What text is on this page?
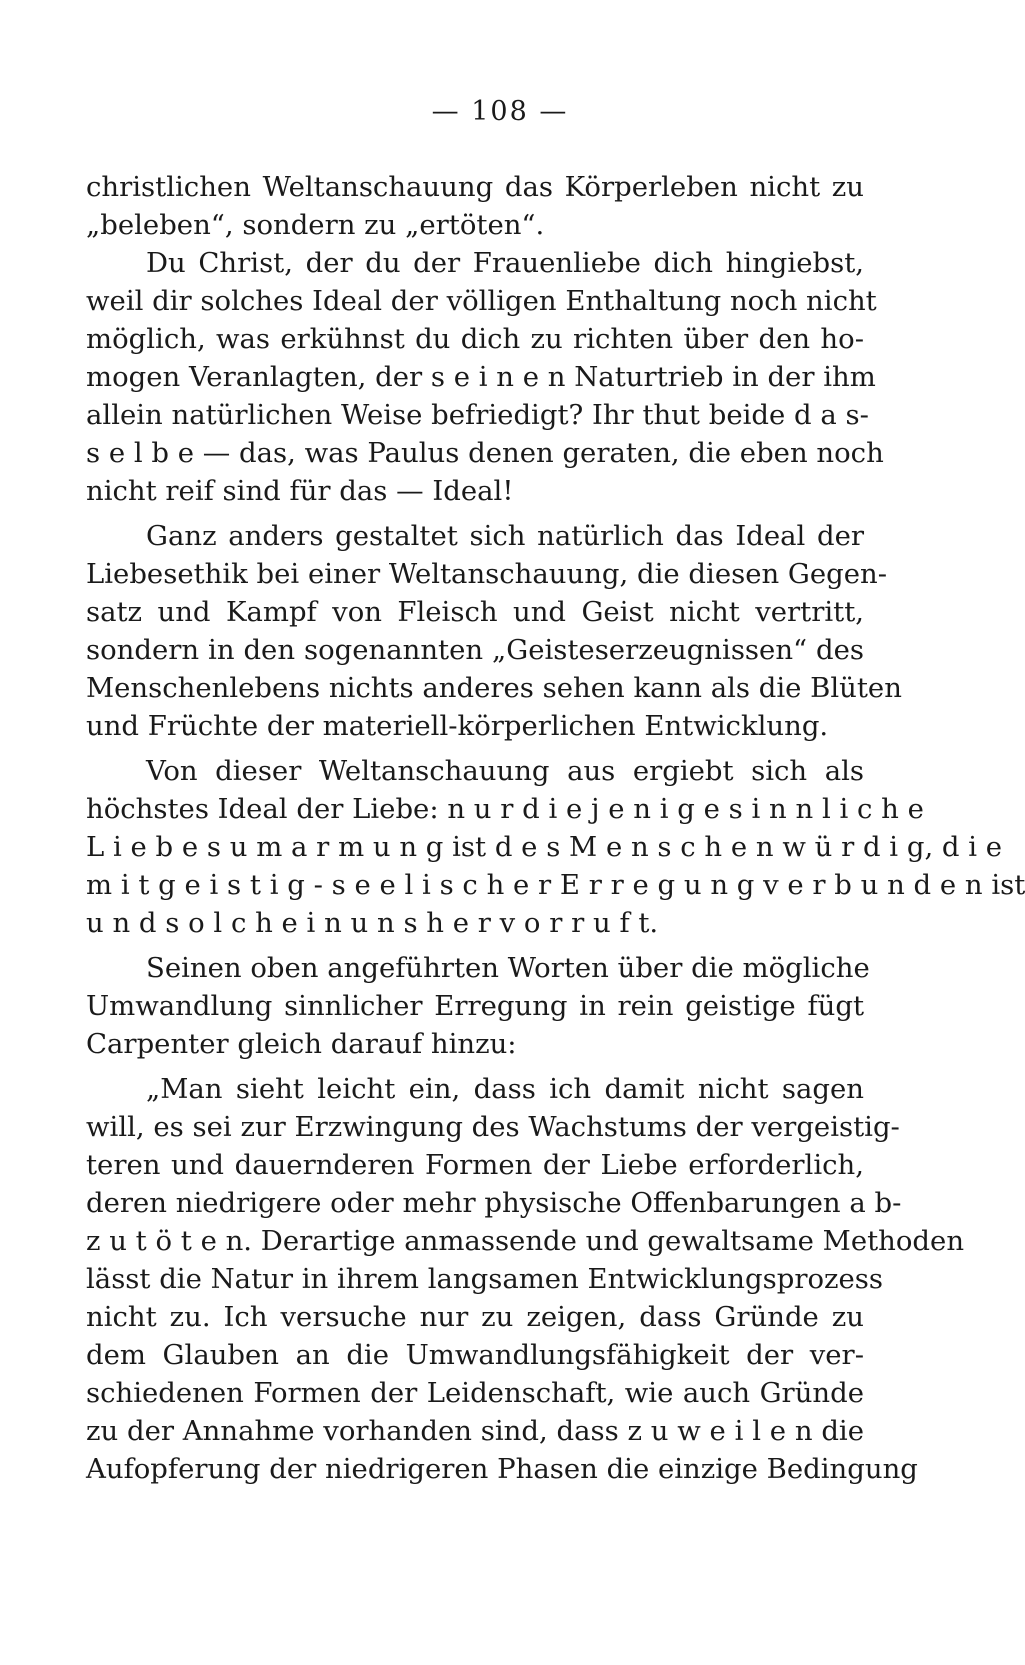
— 108 —
christlichen Weltanschauung das Körperleben nicht zu
„beleben“, sondern zu „ertöten“.
Du Christ, der du der Frauenliebe dich hingiebst,
weil dir solches Ideal der völligen Enthaltung noch nicht
möglich, was erkühnst du dich zu richten über den ho-
mogen Veranlagten, der s e i n e n Naturtrieb in der ihm
allein natürlichen Weise befriedigt? Ihr thut beide d a s-
s e l b e — das, was Paulus denen geraten, die eben noch
nicht reif sind für das — Ideal!
Ganz anders gestaltet sich natürlich das Ideal der
Liebesethik bei einer Weltanschauung, die diesen Gegen-
satz und Kampf von Fleisch und Geist nicht vertritt,
sondern in den sogenannten „Geisteserzeugnissen“ des
Menschenlebens nichts anderes sehen kann als die Blüten
und Früchte der materiell-körperlichen Entwicklung.
Von dieser Weltanschauung aus ergiebt sich als
höchstes Ideal der Liebe: n u r d i e j e n i g e s i n n l i c h e
L i e b e s u m a r m u n g ist d e s M e n s c h e n w ü r d i g, d i e
m i t g e i s t i g - s e e l i s c h e r E r r e g u n g v e r b u n d e n ist
u n d s o l c h e i n u n s h e r v o r r u f t.
Seinen oben angeführten Worten über die mögliche
Umwandlung sinnlicher Erregung in rein geistige fügt
Carpenter gleich darauf hinzu:
„Man sieht leicht ein, dass ich damit nicht sagen
will, es sei zur Erzwingung des Wachstums der vergeistig-
teren und dauernderen Formen der Liebe erforderlich,
deren niedrigere oder mehr physische Offenbarungen a b-
z u t ö t e n. Derartige anmassende und gewaltsame Methoden
lässt die Natur in ihrem langsamen Entwicklungsprozess
nicht zu. Ich versuche nur zu zeigen, dass Gründe zu
dem Glauben an die Umwandlungsfähigkeit der ver-
schiedenen Formen der Leidenschaft, wie auch Gründe
zu der Annahme vorhanden sind, dass z u w e i l e n die
Aufopferung der niedrigeren Phasen die einzige Bedingung
